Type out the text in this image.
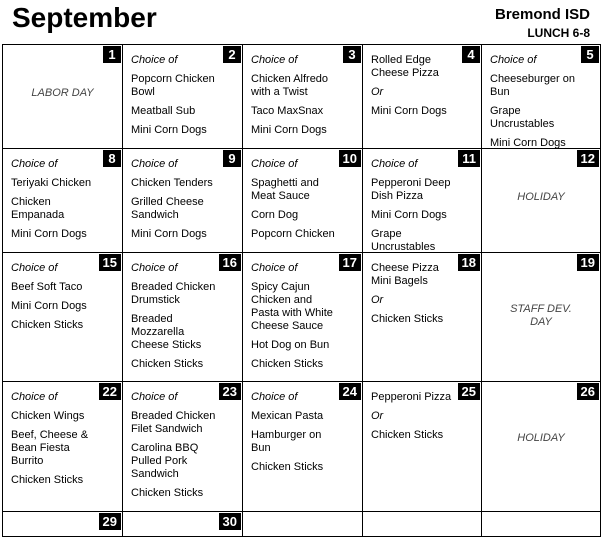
September	Bremond ISD
LUNCH 6-8
1
LABOR DAY
2
Choice of
Popcorn Chicken Bowl
Meatball Sub
Mini Corn Dogs
3
Choice of
Chicken Alfredo with a Twist
Taco MaxSnax
Mini Corn Dogs
4
Rolled Edge Cheese Pizza
Or
Mini Corn Dogs
5
Choice of
Cheeseburger on Bun
Grape Uncrustables
Mini Corn Dogs
8
Choice of
Teriyaki Chicken
Chicken Empanada
Mini Corn Dogs
9
Choice of
Chicken Tenders
Grilled Cheese Sandwich
Mini Corn Dogs
10
Choice of
Spaghetti and Meat Sauce
Corn Dog
Popcorn Chicken
11
Choice of
Pepperoni Deep Dish Pizza
Mini Corn Dogs
Grape Uncrustables
12
HOLIDAY
15
Choice of
Beef Soft Taco
Mini Corn Dogs
Chicken Sticks
16
Choice of
Breaded Chicken Drumstick
Breaded Mozzarella Cheese Sticks
Chicken Sticks
17
Choice of
Spicy Cajun Chicken and Pasta with White Cheese Sauce
Hot Dog on Bun
Chicken Sticks
18
Cheese Pizza Mini Bagels
Or
Chicken Sticks
19
STAFF DEV. DAY
22
Choice of
Chicken Wings
Beef, Cheese & Bean Fiesta Burrito
Chicken Sticks
23
Choice of
Breaded Chicken Filet Sandwich
Carolina BBQ Pulled Pork Sandwich
Chicken Sticks
24
Choice of
Mexican Pasta
Hamburger on Bun
Chicken Sticks
25
Pepperoni Pizza
Or
Chicken Sticks
26
HOLIDAY
29	30
